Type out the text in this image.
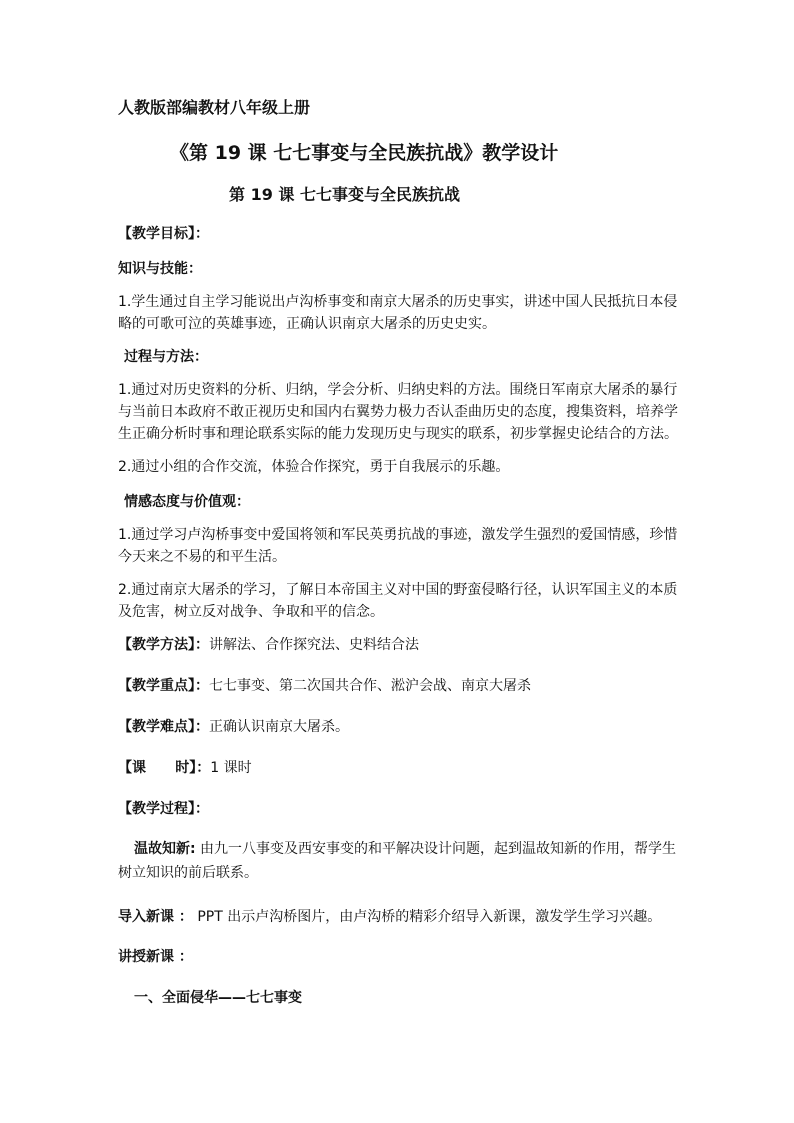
人教版部编教材八年级上册
《第 19 课 七七事变与全民族抗战》教学设计
第 19 课 七七事变与全民族抗战
【教学目标】：
知识与技能：
1.学生通过自主学习能说出卢沟桥事变和南京大屠杀的历史事实，讲述中国人民抵抗日本侵略的可歌可泣的英雄事迹，正确认识南京大屠杀的历史史实。
过程与方法：
1.通过对历史资料的分析、归纳，学会分析、归纳史料的方法。围绕日军南京大屠杀的暴行与当前日本政府不敢正视历史和国内右翼势力极力否认歪曲历史的态度，搜集资料，培养学生正确分析时事和理论联系实际的能力发现历史与现实的联系，初步掌握史论结合的方法。
2.通过小组的合作交流，体验合作探究，勇于自我展示的乐趣。
情感态度与价值观：
1.通过学习卢沟桥事变中爱国将领和军民英勇抗战的事迹，激发学生强烈的爱国情感，珍惜今天来之不易的和平生活。
2.通过南京大屠杀的学习，了解日本帝国主义对中国的野蛮侵略行径，认识军国主义的本质及危害，树立反对战争、争取和平的信念。
【教学方法】：讲解法、合作探究法、史料结合法
【教学重点】：七七事变、第二次国共合作、淞沪会战、南京大屠杀
【教学难点】：正确认识南京大屠杀。
【课      时】：1 课时
【教学过程】：
温故知新: 由九一八事变及西安事变的和平解决设计问题，起到温故知新的作用，帮学生树立知识的前后联系。
导入新课 ： PPT 出示卢沟桥图片，由卢沟桥的精彩介绍导入新课，激发学生学习兴趣。
讲授新课 ：
一、全面侵华——七七事变
